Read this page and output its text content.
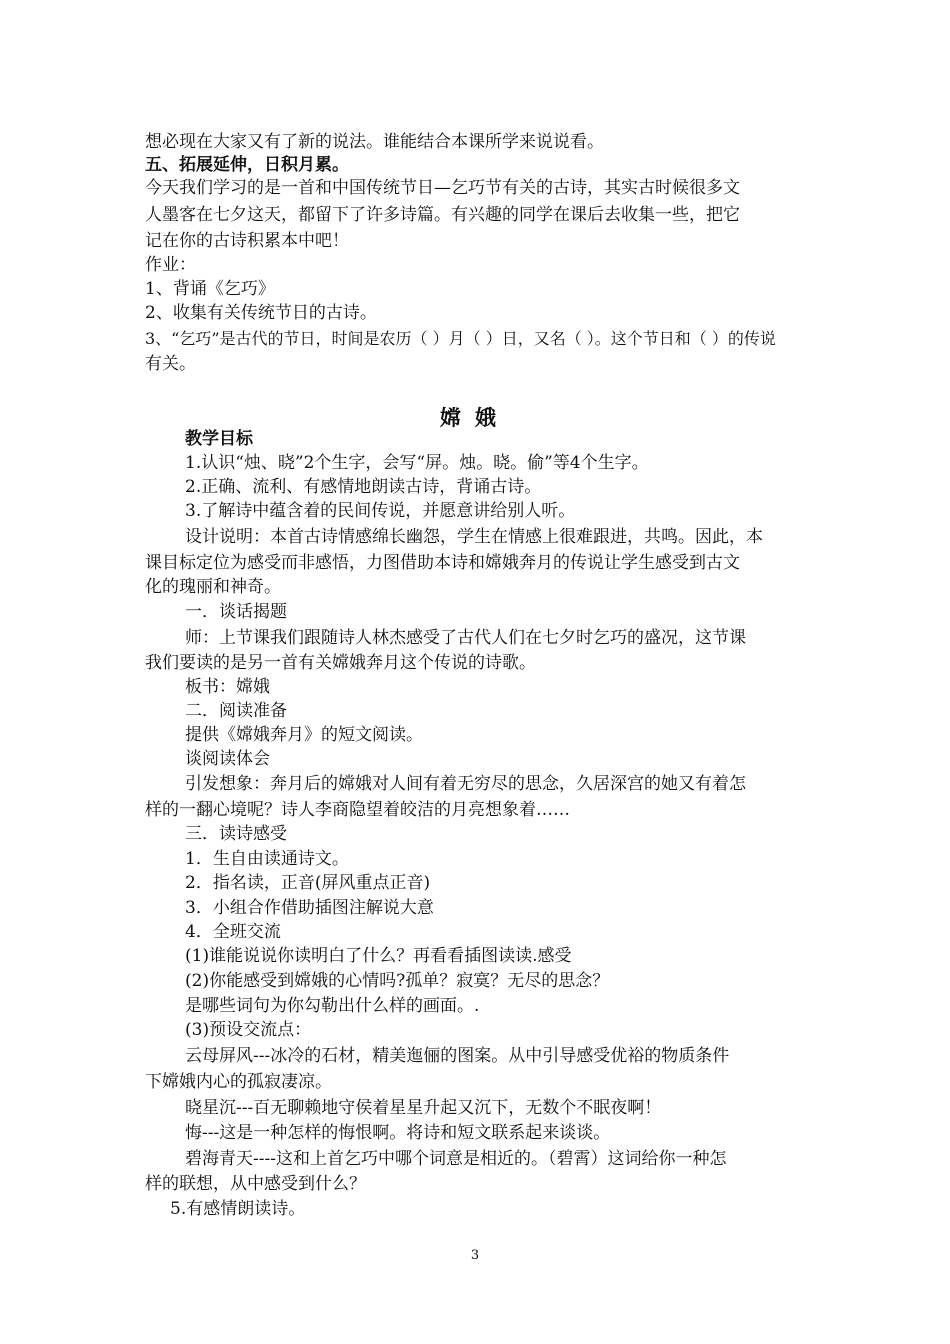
想必现在大家又有了新的说法。谁能结合本课所学来说说看。
五、拓展延伸，日积月累。
今天我们学习的是一首和中国传统节日—乞巧节有关的古诗，其实古时候很多文
人墨客在七夕这天，都留下了许多诗篇。有兴趣的同学在课后去收集一些，把它
记在你的古诗积累本中吧！
作业：
1、背诵《乞巧》
2、收集有关传统节日的古诗。
3、“乞巧”是古代的节日，时间是农历（ ）月（ ）日，又名（ ）。这个节日和（ ）的传说
有关。
嫦娥
教学目标
1.认识“烛、晓”2个生字，会写“屏。烛。晓。偷”等4个生字。
2.正确、流利、有感情地朗读古诗，背诵古诗。
3.了解诗中蕴含着的民间传说，并愿意讲给别人听。
设计说明：本首古诗情感绵长幽怨，学生在情感上很难跟进，共鸣。因此，本
课目标定位为感受而非感悟，力图借助本诗和嫦娥奔月的传说让学生感受到古文
化的瑰丽和神奇。
一．谈话揭题
师：上节课我们跟随诗人林杰感受了古代人们在七夕时乞巧的盛况，这节课
我们要读的是另一首有关嫦娥奔月这个传说的诗歌。
板书：嫦娥
二．阅读准备
提供《嫦娥奔月》的短文阅读。
谈阅读体会
引发想象：奔月后的嫦娥对人间有着无穷尽的思念，久居深宫的她又有着怎
样的一翻心境呢？诗人李商隐望着皎洁的月亮想象着……
三．读诗感受
1．生自由读通诗文。
2．指名读，正音(屏风重点正音)
3．小组合作借助插图注解说大意
4．全班交流
(1)谁能说说你读明白了什么？再看看插图读读.感受
(2)你能感受到嫦娥的心情吗?孤单？寂寞？无尽的思念？
是哪些词句为你勾勒出什么样的画面。.
(3)预设交流点：
云母屏风---冰冷的石材，精美迤俪的图案。从中引导感受优裕的物质条件
下嫦娥内心的孤寂凄凉。
晓星沉---百无聊赖地守侯着星星升起又沉下，无数个不眠夜啊！
悔---这是一种怎样的悔恨啊。将诗和短文联系起来谈谈。
碧海青天----这和上首乞巧中哪个词意是相近的。（碧霄）这词给你一种怎
样的联想，从中感受到什么？
5.有感情朗读诗。
3
